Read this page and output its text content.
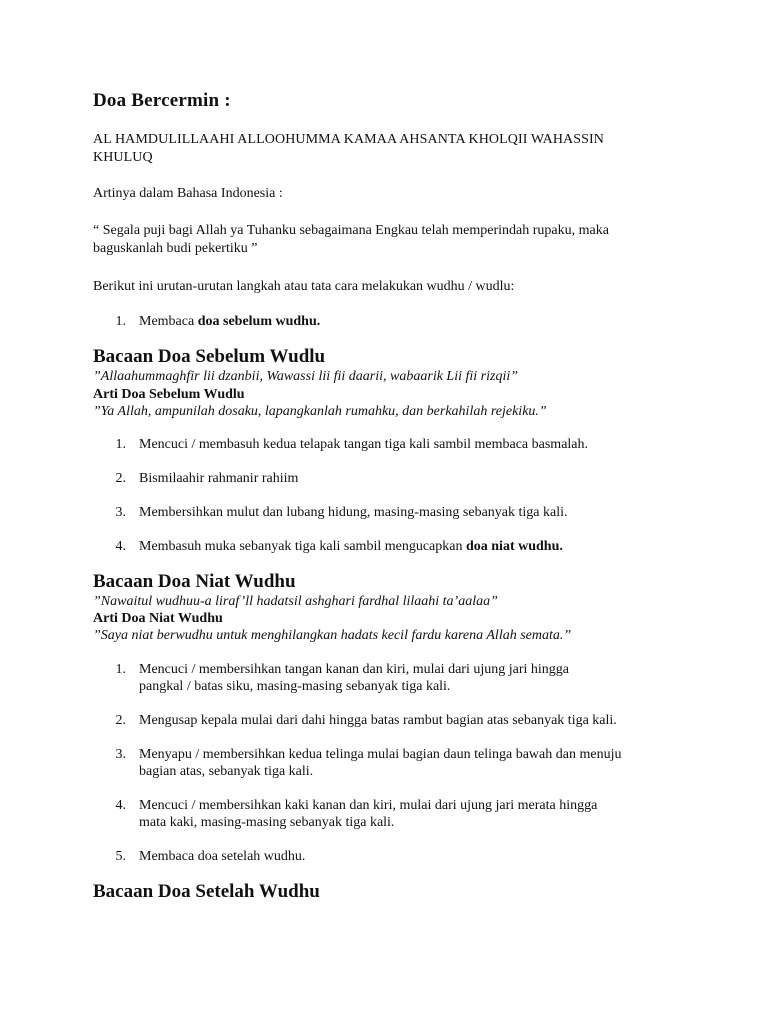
Doa Bercermin :
AL HAMDULILLAAHI ALLOOHUMMA KAMAA AHSANTA KHOLQII WAHASSIN
KHULUQ
Artinya dalam Bahasa Indonesia :
“ Segala puji bagi Allah ya Tuhanku sebagaimana Engkau telah memperindah rupaku, maka
baguskanlah budi pekertiku ”
Berikut ini urutan-urutan langkah atau tata cara melakukan wudhu / wudlu:
1. Membaca doa sebelum wudhu.
Bacaan Doa Sebelum Wudlu
”Allaahummaghfir lii dzanbii, Wawassi lii fii daarii, wabaarik Lii fii rizqii”
Arti Doa Sebelum Wudlu
”Ya Allah, ampunilah dosaku, lapangkanlah rumahku, dan berkahilah rejekiku.”
1. Mencuci / membasuh kedua telapak tangan tiga kali sambil membaca basmalah.
2. Bismilaahir rahmanir rahiim
3. Membersihkan mulut dan lubang hidung, masing-masing sebanyak tiga kali.
4. Membasuh muka sebanyak tiga kali sambil mengucapkan doa niat wudhu.
Bacaan Doa Niat Wudhu
”Nawaitul wudhuu-a liraf’ll hadatsil ashghari fardhal lilaahi ta’aalaa”
Arti Doa Niat Wudhu
”Saya niat berwudhu untuk menghilangkan hadats kecil fardu karena Allah semata.”
1. Mencuci / membersihkan tangan kanan dan kiri, mulai dari ujung jari hingga
pangkal / batas siku, masing-masing sebanyak tiga kali.
2. Mengusap kepala mulai dari dahi hingga batas rambut bagian atas sebanyak tiga kali.
3. Menyapu / membersihkan kedua telinga mulai bagian daun telinga bawah dan menuju
bagian atas, sebanyak tiga kali.
4. Mencuci / membersihkan kaki kanan dan kiri, mulai dari ujung jari merata hingga
mata kaki, masing-masing sebanyak tiga kali.
5. Membaca doa setelah wudhu.
Bacaan Doa Setelah Wudhu
